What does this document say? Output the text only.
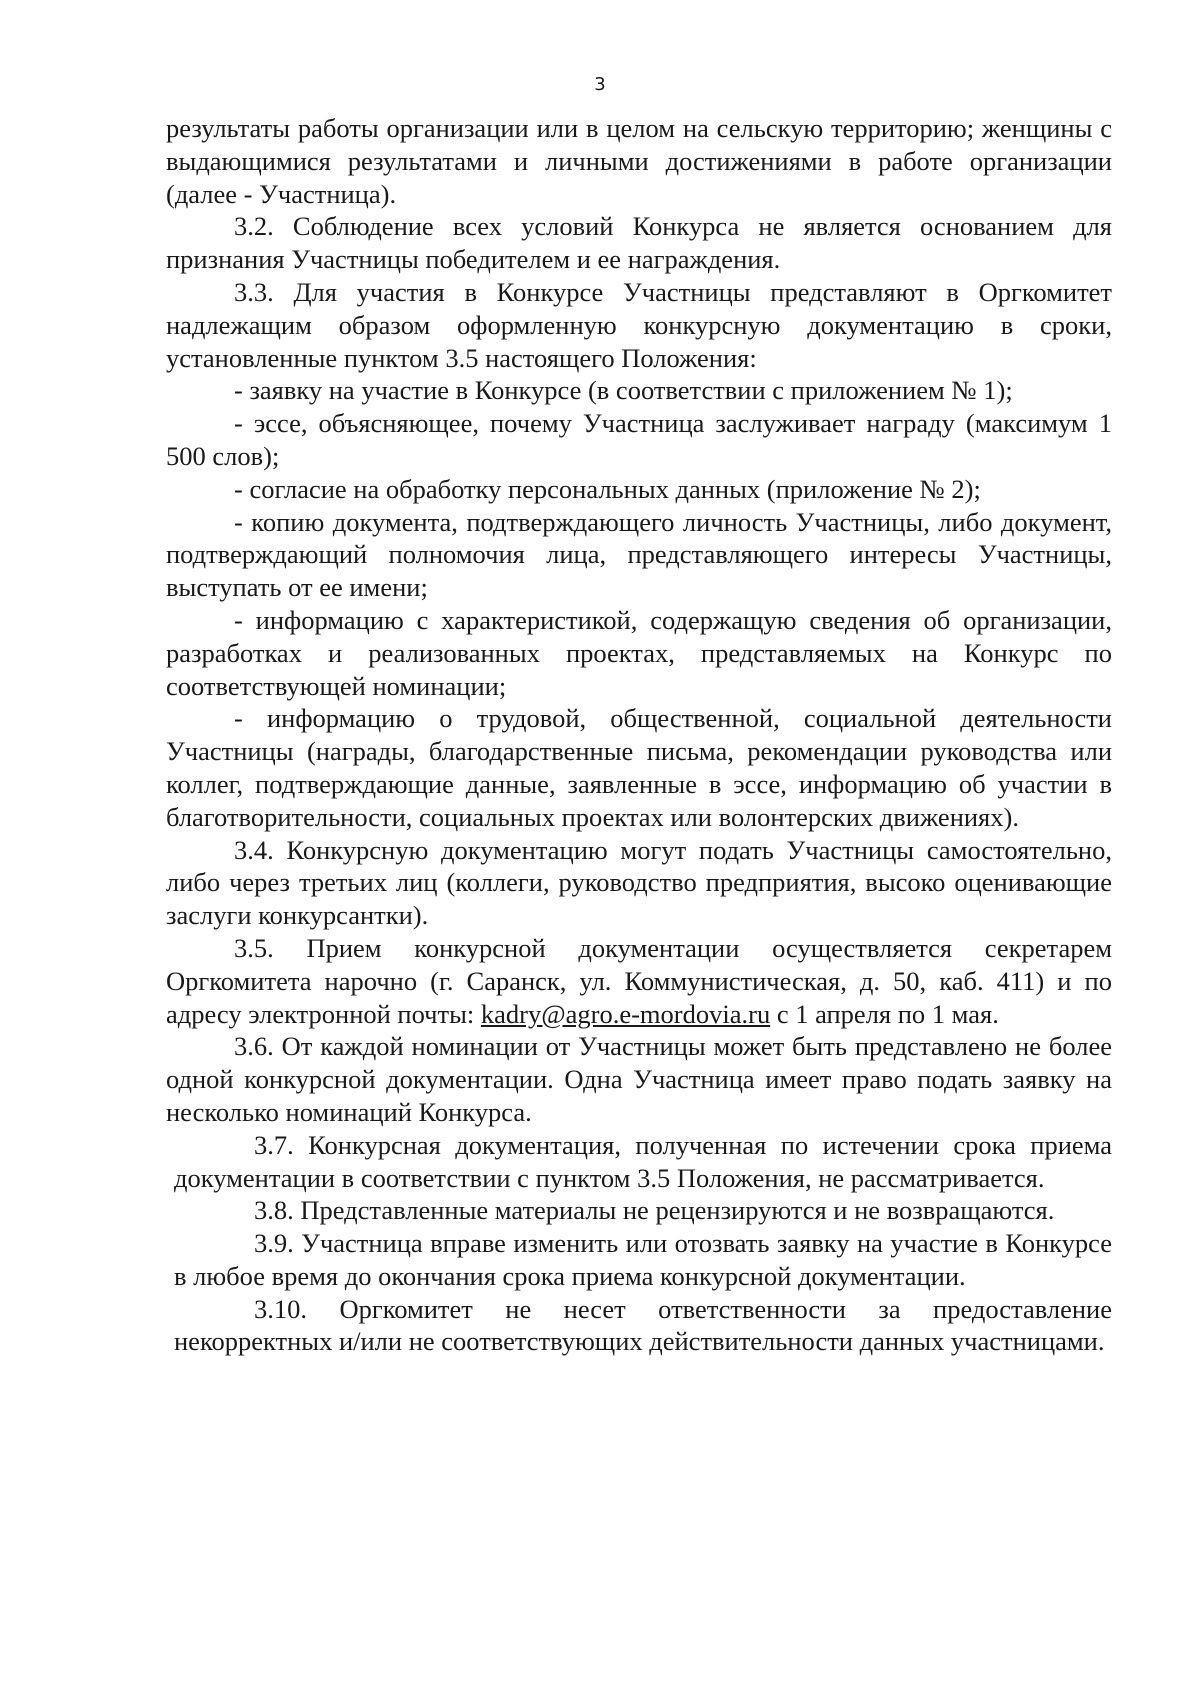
3

результаты работы организации или в целом на сельскую территорию; женщины с выдающимися результатами и личными достижениями в работе организации (далее - Участница).

3.2. Соблюдение всех условий Конкурса не является основанием для признания Участницы победителем и ее награждения.

3.3. Для участия в Конкурсе Участницы представляют в Оргкомитет надлежащим образом оформленную конкурсную документацию в сроки, установленные пунктом 3.5 настоящего Положения:

- заявку на участие в Конкурсе (в соответствии с приложением № 1);

- эссе, объясняющее, почему Участница заслуживает награду (максимум 1 500 слов);

- согласие на обработку персональных данных (приложение № 2);

- копию документа, подтверждающего личность Участницы, либо документ, подтверждающий полномочия лица, представляющего интересы Участницы, выступать от ее имени;

- информацию с характеристикой, содержащую сведения об организации, разработках и реализованных проектах, представляемых на Конкурс по соответствующей номинации;

- информацию о трудовой, общественной, социальной деятельности Участницы (награды, благодарственные письма, рекомендации руководства или коллег, подтверждающие данные, заявленные в эссе, информацию об участии в благотворительности, социальных проектах или волонтерских движениях).

3.4. Конкурсную документацию могут подать Участницы самостоятельно, либо через третьих лиц (коллеги, руководство предприятия, высоко оценивающие заслуги конкурсантки).

3.5. Прием конкурсной документации осуществляется секретарем Оргкомитета нарочно (г. Саранск, ул. Коммунистическая, д. 50, каб. 411) и по адресу электронной почты: kadry@agro.e-mordovia.ru с 1 апреля по 1 мая.

3.6. От каждой номинации от Участницы может быть представлено не более одной конкурсной документации. Одна Участница имеет право подать заявку на несколько номинаций Конкурса.

3.7. Конкурсная документация, полученная по истечении срока приема документации в соответствии с пунктом 3.5 Положения, не рассматривается.

3.8. Представленные материалы не рецензируются и не возвращаются.

3.9. Участница вправе изменить или отозвать заявку на участие в Конкурсе в любое время до окончания срока приема конкурсной документации.

3.10. Оргкомитет не несет ответственности за предоставление некорректных и/или не соответствующих действительности данных участницами.
